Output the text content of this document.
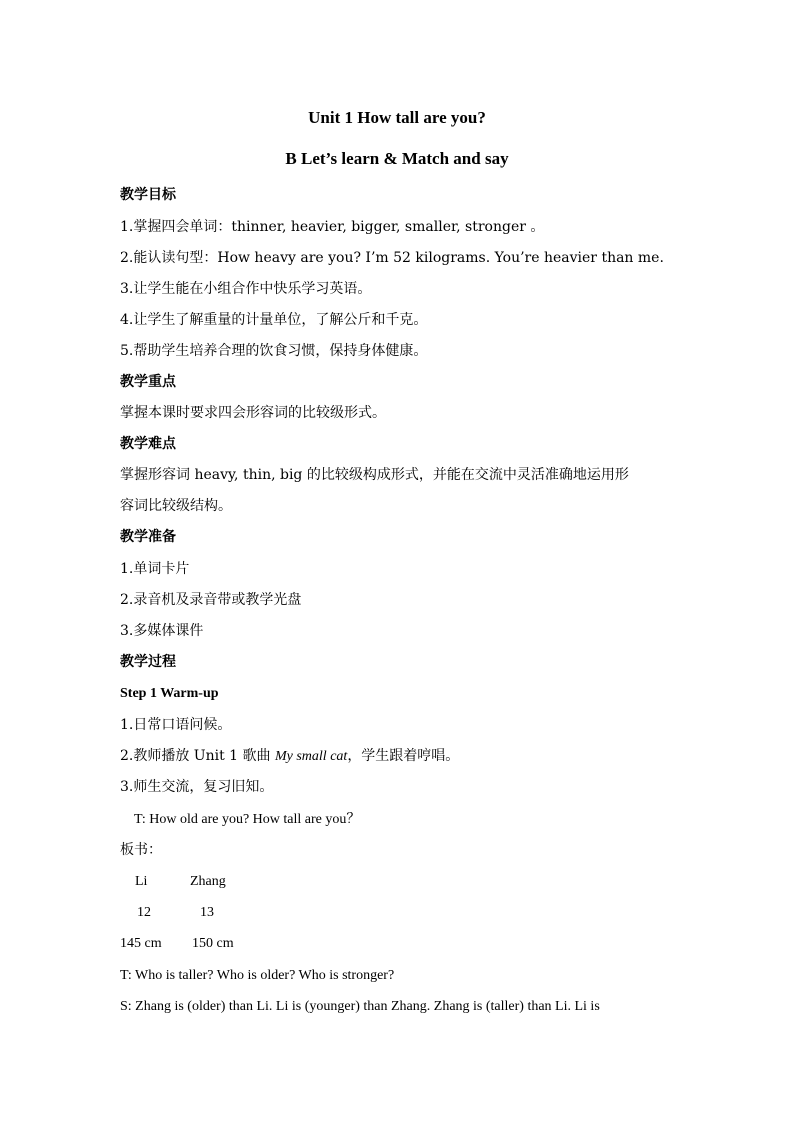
Unit 1 How tall are you?
B Let’s learn & Match and say
教学目标
1.掌握四会单词：thinner, heavier, bigger, smaller, stronger 。
2.能认读句型：How heavy are you? I’m 52 kilograms. You’re heavier than me.
3.让学生能在小组合作中快乐学习英语。
4.让学生了解重量的计量单位，了解公斤和千克。
5.帮助学生培养合理的饮食习惯，保持身体健康。
教学重点
掌握本课时要求四会形容词的比较级形式。
教学难点
掌握形容词 heavy, thin, big 的比较级构成形式，并能在交流中灵活准确地运用形
容词比较级结构。
教学准备
1.单词卡片
2.录音机及录音带或教学光盘
3.多媒体课件
教学过程
Step 1 Warm-up
1.日常口语问候。
2.教师播放 Unit 1 歌曲 My small cat，学生跟着哼唱。
3.师生交流，复习旧知。
T: How old are you? How tall are you？
板书：
Li	Zhang
12	13
145 cm 150 cm
T: Who is taller? Who is older? Who is stronger?
S: Zhang is (older) than Li. Li is (younger) than Zhang. Zhang is (taller) than Li. Li is
